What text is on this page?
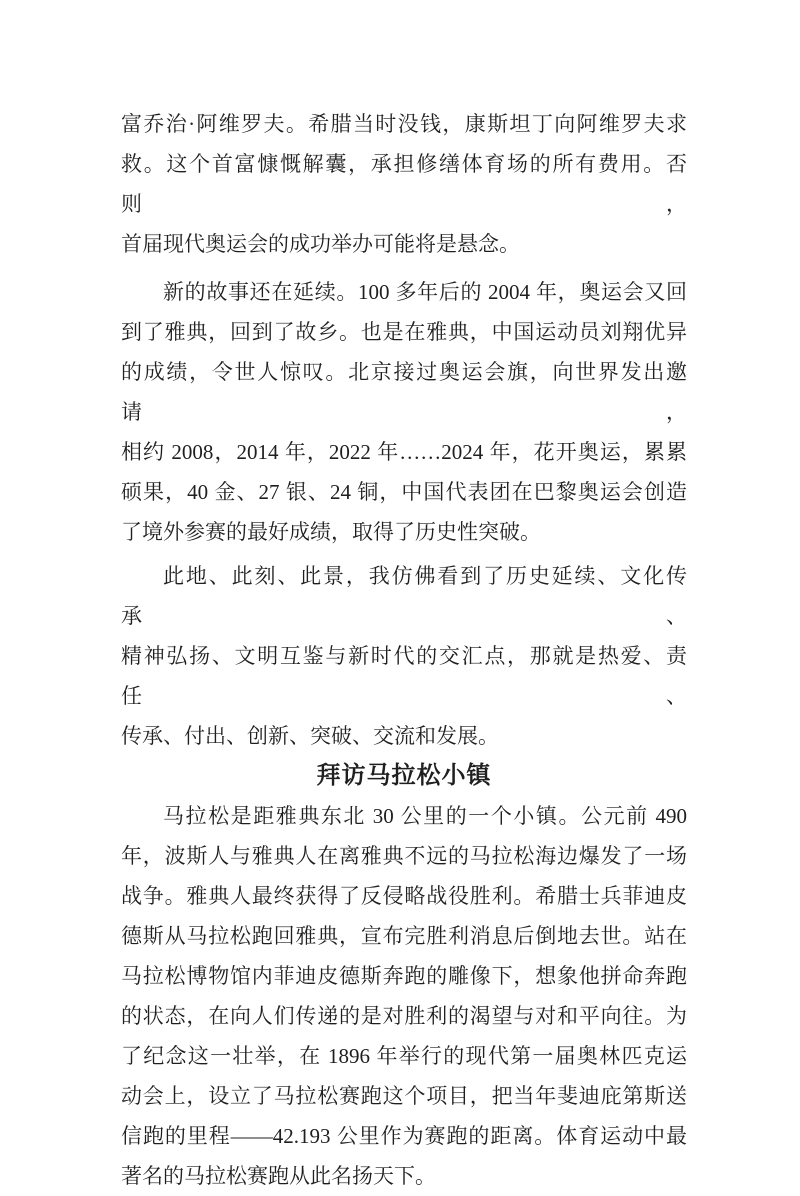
富乔治·阿维罗夫。希腊当时没钱，康斯坦丁向阿维罗夫求
救。这个首富慷慨解囊，承担修缮体育场的所有费用。否则，
首届现代奥运会的成功举办可能将是悬念。
新的故事还在延续。100 多年后的 2004 年，奥运会又回
到了雅典，回到了故乡。也是在雅典，中国运动员刘翔优异
的成绩，令世人惊叹。北京接过奥运会旗，向世界发出邀请，
相约 2008，2014 年，2022 年……2024 年，花开奥运，累累
硕果，40 金、27 银、24 铜，中国代表团在巴黎奥运会创造
了境外参赛的最好成绩，取得了历史性突破。
此地、此刻、此景，我仿佛看到了历史延续、文化传承、
精神弘扬、文明互鉴与新时代的交汇点，那就是热爱、责任、
传承、付出、创新、突破、交流和发展。
拜访马拉松小镇
马拉松是距雅典东北 30 公里的一个小镇。公元前 490
年，波斯人与雅典人在离雅典不远的马拉松海边爆发了一场
战争。雅典人最终获得了反侵略战役胜利。希腊士兵菲迪皮
德斯从马拉松跑回雅典，宣布完胜利消息后倒地去世。站在
马拉松博物馆内菲迪皮德斯奔跑的雕像下，想象他拼命奔跑
的状态，在向人们传递的是对胜利的渴望与对和平向往。为
了纪念这一壮举，在 1896 年举行的现代第一届奥林匹克运
动会上，设立了马拉松赛跑这个项目，把当年斐迪庇第斯送
信跑的里程——42.193 公里作为赛跑的距离。体育运动中最
著名的马拉松赛跑从此名扬天下。
